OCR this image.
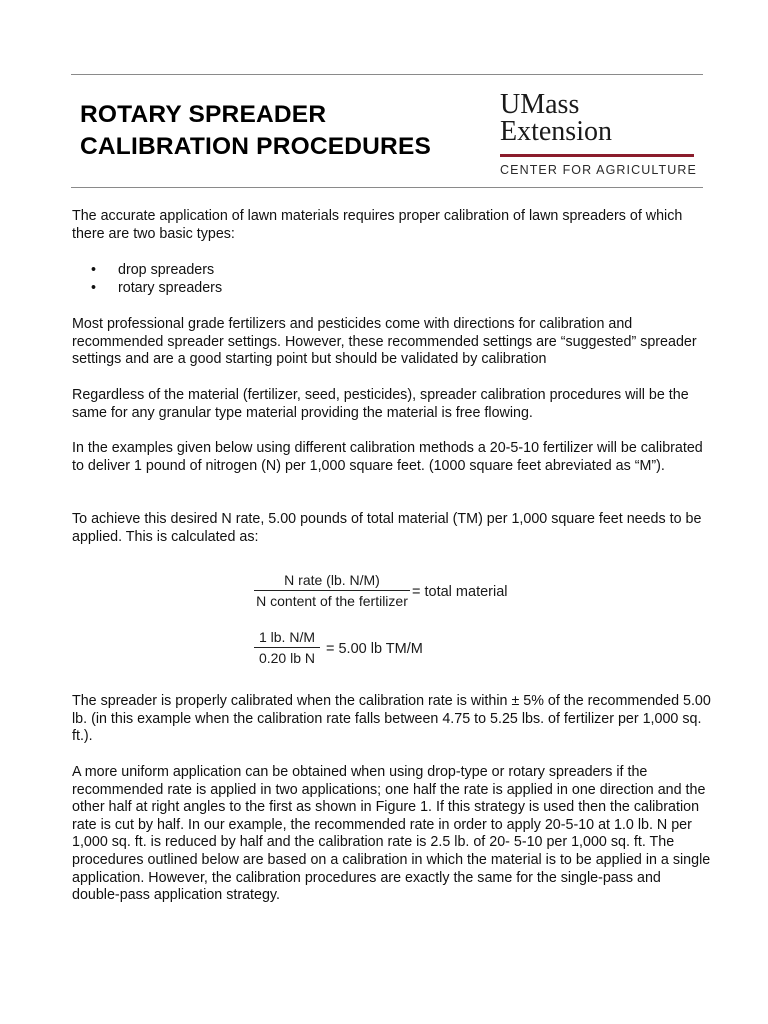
ROTARY SPREADER
CALIBRATION PROCEDURES
UMass
Extension
CENTER FOR AGRICULTURE

The accurate application of lawn materials requires proper calibration of lawn spreaders of which there are two basic types:

• drop spreaders
• rotary spreaders

Most professional grade fertilizers and pesticides come with directions for calibration and recommended spreader settings. However, these recommended settings are “suggested” spreader settings and are a good starting point but should be validated by calibration

Regardless of the material (fertilizer, seed, pesticides), spreader calibration procedures will be the same for any granular type material providing the material is free flowing.

In the examples given below using different calibration methods a 20-5-10 fertilizer will be calibrated to deliver 1 pound of nitrogen (N) per 1,000 square feet. (1000 square feet abreviated as “M”).

To achieve this desired N rate, 5.00 pounds of total material (TM) per 1,000 square feet needs to be applied. This is calculated as:

N rate (lb. N/M)
N content of the fertilizer
= total material
1 lb. N/M
0.20 lb N
= 5.00 lb TM/M

The spreader is properly calibrated when the calibration rate is within ± 5% of the recommended 5.00 lb. (in this example when the calibration rate falls between 4.75 to 5.25 lbs. of fertilizer per 1,000 sq. ft.).

A more uniform application can be obtained when using drop-type or rotary spreaders if the recommended rate is applied in two applications; one half the rate is applied in one direction and the other half at right angles to the first as shown in Figure 1. If this strategy is used then the calibration rate is cut by half. In our example, the recommended rate in order to apply 20-5-10 at 1.0 lb. N per 1,000 sq. ft. is reduced by half and the calibration rate is 2.5 lb. of 20- 5-10 per 1,000 sq. ft. The procedures outlined below are based on a calibration in which the material is to be applied in a single application. However, the calibration procedures are exactly the same for the single-pass and double-pass application strategy.
